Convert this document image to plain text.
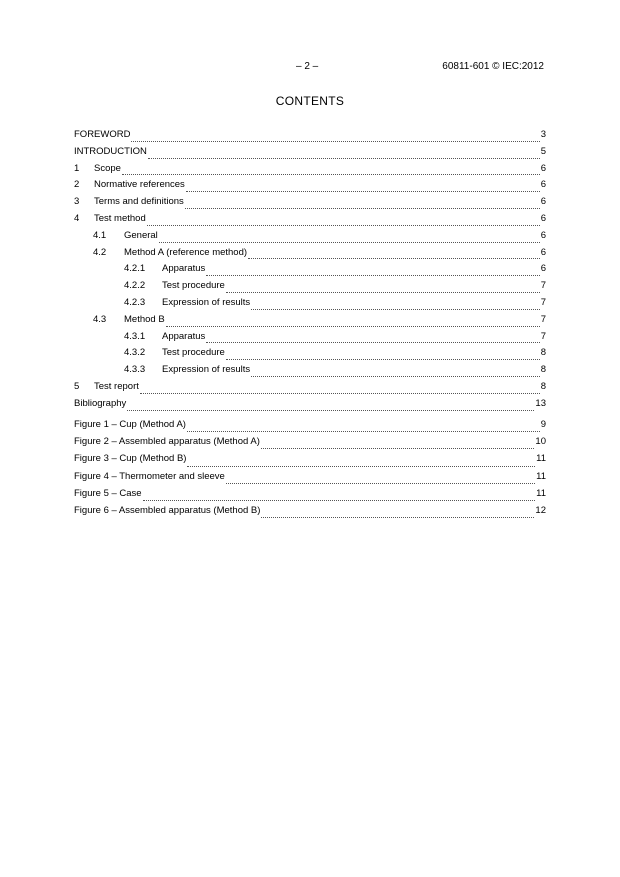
– 2 –	60811-601 © IEC:2012
CONTENTS
FOREWORD	3
INTRODUCTION	5
1	Scope	6
2	Normative references	6
3	Terms and definitions	6
4	Test method	6
4.1	General	6
4.2	Method A (reference method)	6
4.2.1	Apparatus	6
4.2.2	Test procedure	7
4.2.3	Expression of results	7
4.3	Method B	7
4.3.1	Apparatus	7
4.3.2	Test procedure	8
4.3.3	Expression of results	8
5	Test report	8
Bibliography	13
Figure 1 – Cup (Method A)	9
Figure 2 – Assembled apparatus (Method A)	10
Figure 3 – Cup (Method B)	11
Figure 4 – Thermometer and sleeve	11
Figure 5 – Case	11
Figure 6 – Assembled apparatus (Method B)	12
